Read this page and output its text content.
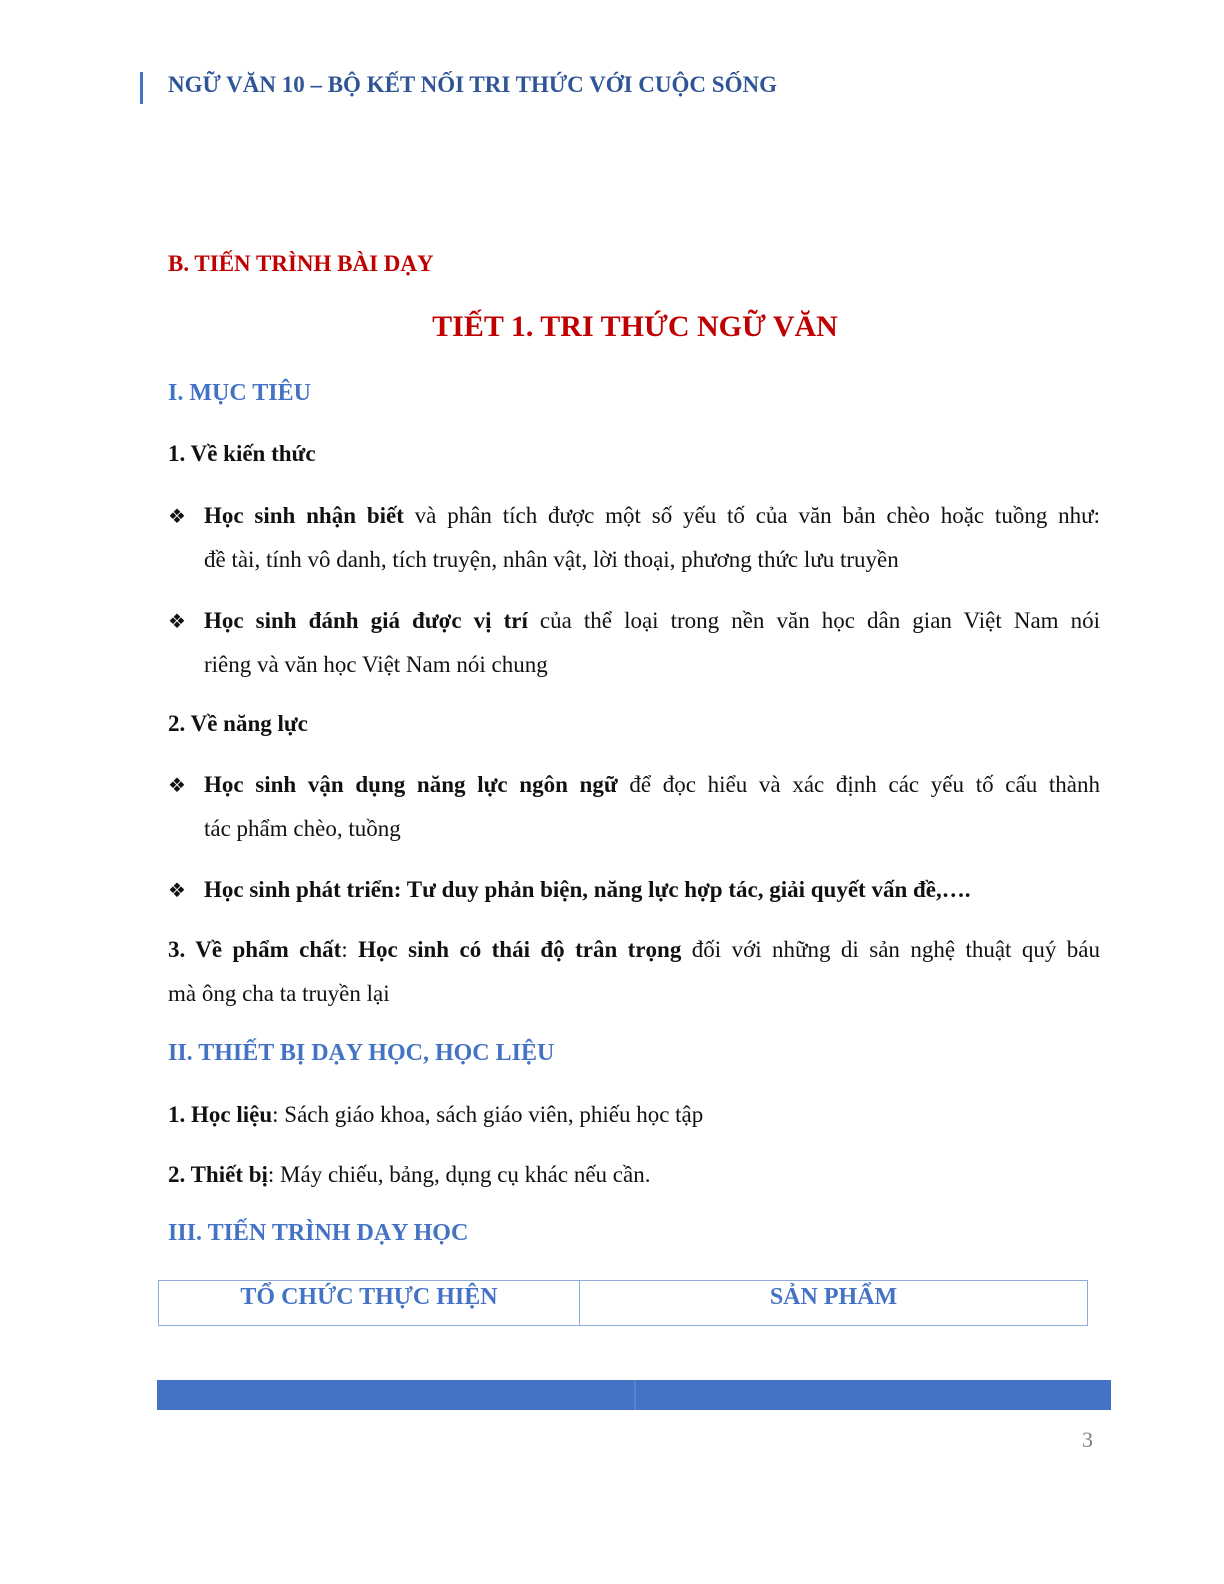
NGỮ VĂN 10 – BỘ KẾT NỐI TRI THỨC VỚI CUỘC SỐNG
B. TIẾN TRÌNH BÀI DẠY
TIẾT 1. TRI THỨC NGỮ VĂN
I. MỤC TIÊU
1. Về kiến thức
❖ Học sinh nhận biết và phân tích được một số yếu tố của văn bản chèo hoặc tuồng như:
đề tài, tính vô danh, tích truyện, nhân vật, lời thoại, phương thức lưu truyền
❖ Học sinh đánh giá được vị trí của thể loại trong nền văn học dân gian Việt Nam nói
riêng và văn học Việt Nam nói chung
2. Về năng lực
❖ Học sinh vận dụng năng lực ngôn ngữ để đọc hiểu và xác định các yếu tố cấu thành
tác phẩm chèo, tuồng
❖ Học sinh phát triển: Tư duy phản biện, năng lực hợp tác, giải quyết vấn đề,….
3. Về phẩm chất: Học sinh có thái độ trân trọng đối với những di sản nghệ thuật quý báu
mà ông cha ta truyền lại
II. THIẾT BỊ DẠY HỌC, HỌC LIỆU
1. Học liệu: Sách giáo khoa, sách giáo viên, phiếu học tập
2. Thiết bị: Máy chiếu, bảng, dụng cụ khác nếu cần.
III. TIẾN TRÌNH DẠY HỌC
TỔ CHỨC THỰC HIỆN	SẢN PHẨM
3
